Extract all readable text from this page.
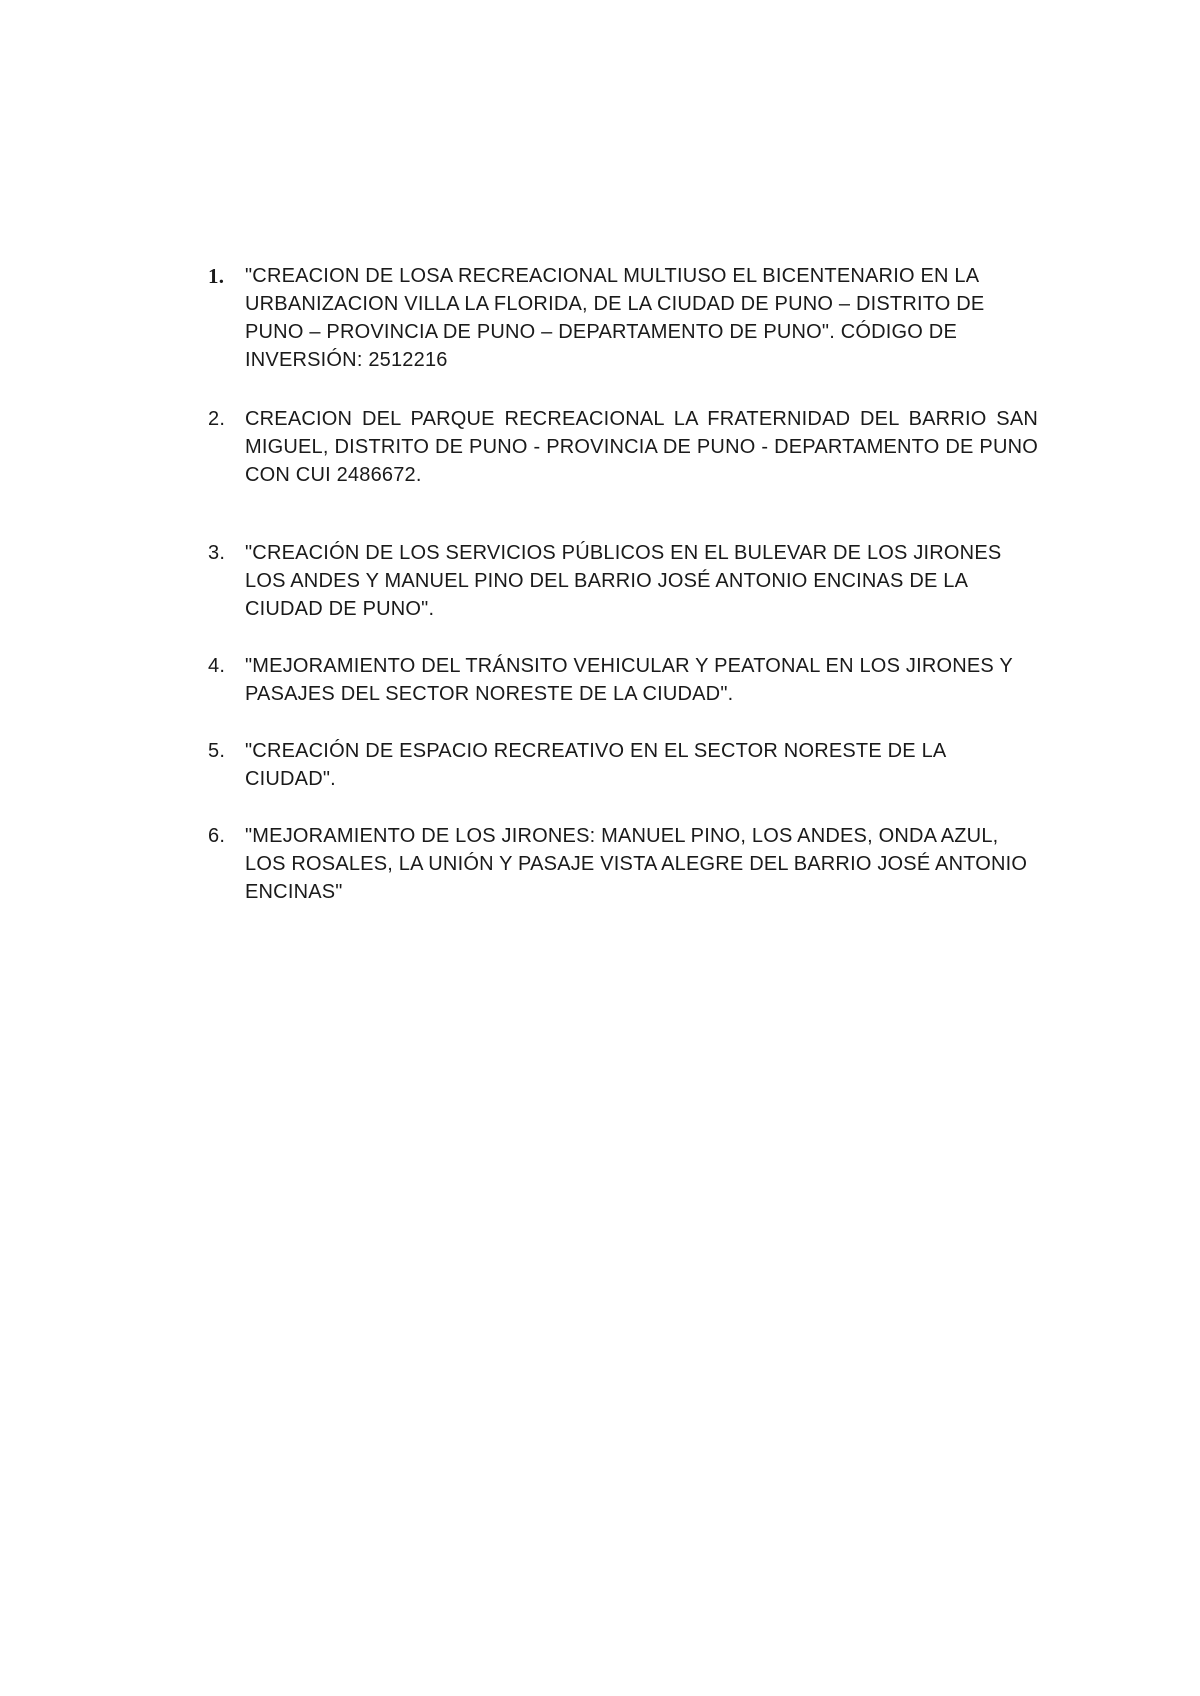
1.	"CREACION DE LOSA RECREACIONAL MULTIUSO EL BICENTENARIO EN LA URBANIZACION VILLA LA FLORIDA, DE LA CIUDAD DE PUNO – DISTRITO DE PUNO – PROVINCIA DE PUNO – DEPARTAMENTO DE PUNO". CÓDIGO DE INVERSIÓN: 2512216

2. CREACION DEL PARQUE RECREACIONAL LA FRATERNIDAD DEL BARRIO SAN MIGUEL, DISTRITO DE PUNO - PROVINCIA DE PUNO - DEPARTAMENTO DE PUNO CON CUI 2486672.

3. "CREACIÓN DE LOS SERVICIOS PÚBLICOS EN EL BULEVAR DE LOS JIRONES LOS ANDES Y MANUEL PINO DEL BARRIO JOSÉ ANTONIO ENCINAS DE LA CIUDAD DE PUNO".

4. "MEJORAMIENTO DEL TRÁNSITO VEHICULAR Y PEATONAL EN LOS JIRONES Y PASAJES DEL SECTOR NORESTE DE LA CIUDAD".

5. "CREACIÓN DE ESPACIO RECREATIVO EN EL SECTOR NORESTE DE LA CIUDAD".

6. "MEJORAMIENTO DE LOS JIRONES: MANUEL PINO, LOS ANDES, ONDA AZUL, LOS ROSALES, LA UNIÓN Y PASAJE VISTA ALEGRE DEL BARRIO JOSÉ ANTONIO ENCINAS"
